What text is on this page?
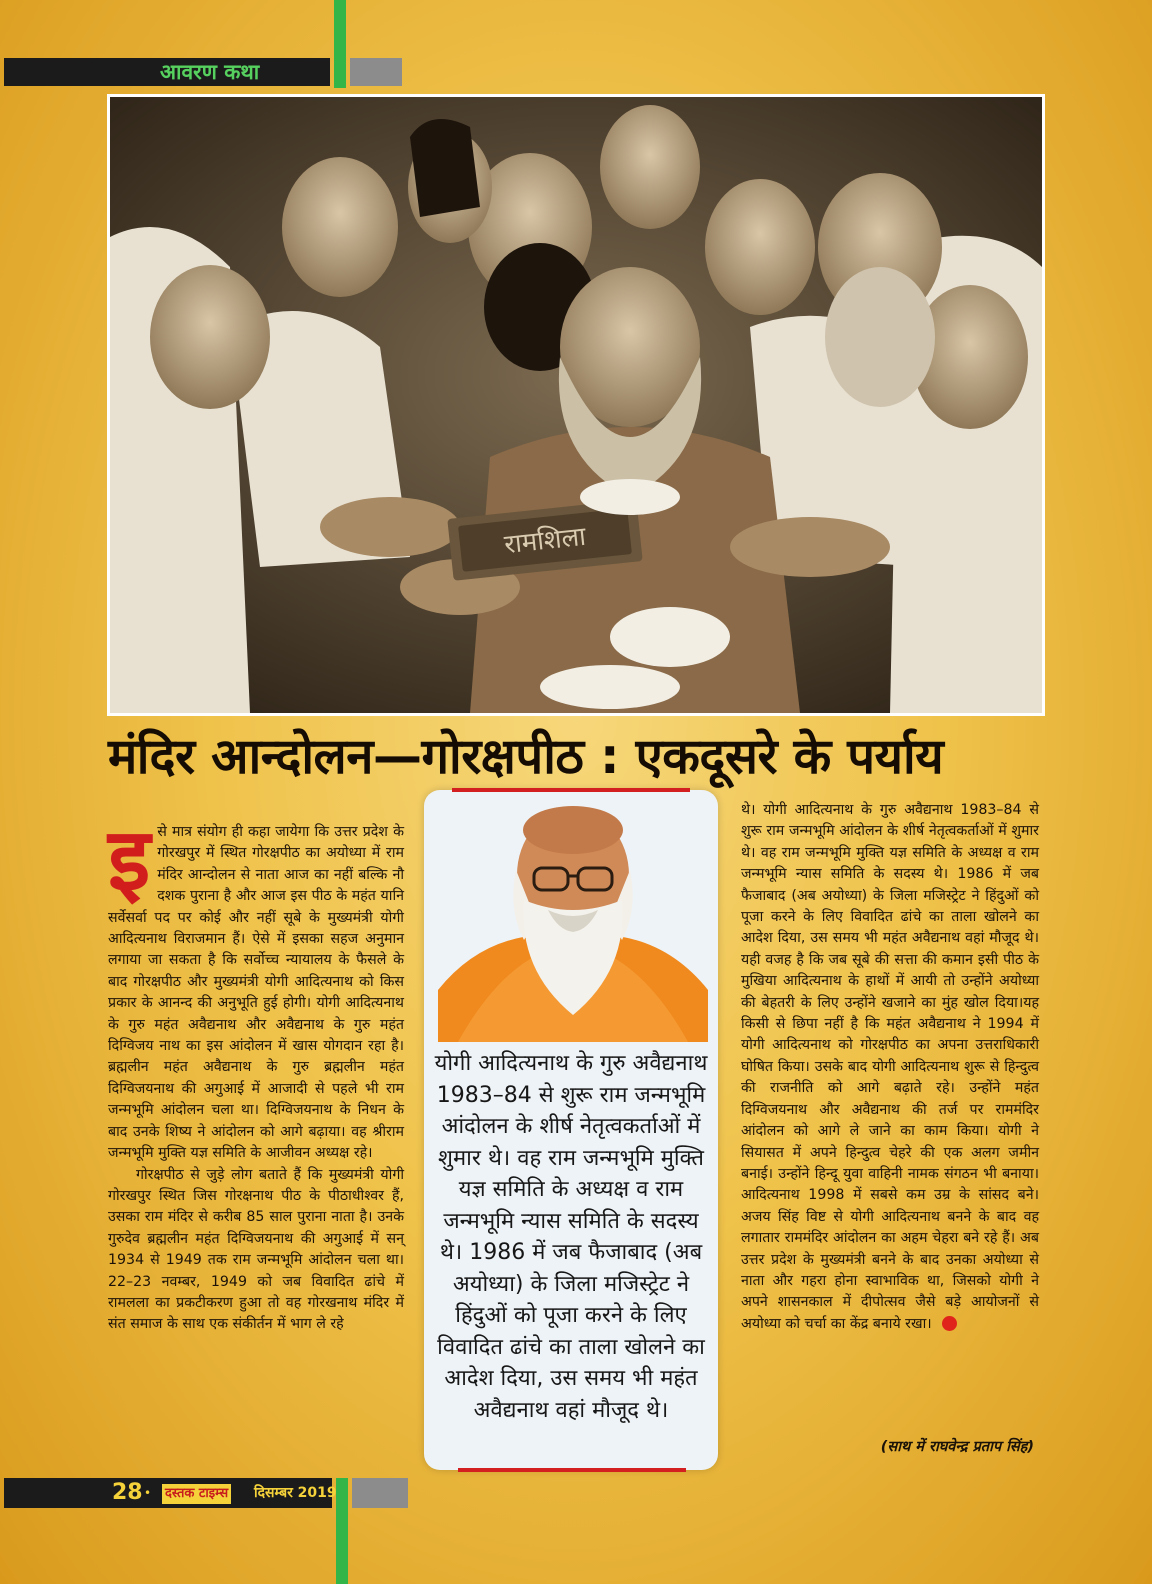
आवरण कथा
रामशिला
मंदिर आन्दोलन—गोरक्षपीठ : एकदूसरे के पर्याय

इसे मात्र संयोग ही कहा जायेगा कि उत्तर प्रदेश के गोरखपुर में स्थित गोरक्षपीठ का अयोध्या में राम मंदिर आन्दोलन से नाता आज का नहीं बल्कि नौ दशक पुराना है और आज इस पीठ के महंत यानि सर्वेसर्वा पद पर कोई और नहीं सूबे के मुख्यमंत्री योगी आदित्यनाथ विराजमान हैं। ऐसे में इसका सहज अनुमान लगाया जा सकता है कि सर्वोच्च न्यायालय के फैसले के बाद गोरक्षपीठ और मुख्यमंत्री योगी आदित्यनाथ को किस प्रकार के आनन्द की अनुभूति हुई होगी। योगी आदित्यनाथ के गुरु महंत अवैद्यनाथ और अवैद्यनाथ के गुरु महंत दिग्विजय नाथ का इस आंदोलन में खास योगदान रहा है। ब्रह्मलीन महंत अवैद्यनाथ के गुरु ब्रह्मलीन महंत दिग्विजयनाथ की अगुआई में आजादी से पहले भी राम जन्मभूमि आंदोलन चला था। दिग्विजयनाथ के निधन के बाद उनके शिष्य ने आंदोलन को आगे बढ़ाया। वह श्रीराम जन्मभूमि मुक्ति यज्ञ समिति के आजीवन अध्यक्ष रहे।

गोरक्षपीठ से जुड़े लोग बताते हैं कि मुख्यमंत्री योगी गोरखपुर स्थित जिस गोरक्षनाथ पीठ के पीठाधीश्वर हैं, उसका राम मंदिर से करीब 85 साल पुराना नाता है। उनके गुरुदेव ब्रह्मलीन महंत दिग्विजयनाथ की अगुआई में सन् 1934 से 1949 तक राम जन्मभूमि आंदोलन चला था। 22–23 नवम्बर, 1949 को जब विवादित ढांचे में रामलला का प्रकटीकरण हुआ तो वह गोरखनाथ मंदिर में संत समाज के साथ एक संकीर्तन में भाग ले रहे

योगी आदित्यनाथ के गुरु अवैद्यनाथ 1983–84 से शुरू राम जन्मभूमि आंदोलन के शीर्ष नेतृत्वकर्ताओं में शुमार थे। वह राम जन्मभूमि मुक्ति यज्ञ समिति के अध्यक्ष व राम जन्मभूमि न्यास समिति के सदस्य थे। 1986 में जब फैजाबाद (अब अयोध्या) के जिला मजिस्ट्रेट ने हिंदुओं को पूजा करने के लिए विवादित ढांचे का ताला खोलने का आदेश दिया, उस समय भी महंत अवैद्यनाथ वहां मौजूद थे।

थे। योगी आदित्यनाथ के गुरु अवैद्यनाथ 1983–84 से शुरू राम जन्मभूमि आंदोलन के शीर्ष नेतृत्वकर्ताओं में शुमार थे। वह राम जन्मभूमि मुक्ति यज्ञ समिति के अध्यक्ष व राम जन्मभूमि न्यास समिति के सदस्य थे। 1986 में जब फैजाबाद (अब अयोध्या) के जिला मजिस्ट्रेट ने हिंदुओं को पूजा करने के लिए विवादित ढांचे का ताला खोलने का आदेश दिया, उस समय भी महंत अवैद्यनाथ वहां मौजूद थे। यही वजह है कि जब सूबे की सत्ता की कमान इसी पीठ के मुखिया आदित्यनाथ के हाथों में आयी तो उन्होंने अयोध्या की बेहतरी के लिए उन्होंने खजाने का मुंह खोल दिया।यह किसी से छिपा नहीं है कि महंत अवैद्यनाथ ने 1994 में योगी आदित्यनाथ को गोरक्षपीठ का अपना उत्तराधिकारी घोषित किया। उसके बाद योगी आदित्यनाथ शुरू से हिन्दुत्व की राजनीति को आगे बढ़ाते रहे। उन्होंने महंत दिग्विजयनाथ और अवैद्यनाथ की तर्ज पर राममंदिर आंदोलन को आगे ले जाने का काम किया। योगी ने सियासत में अपने हिन्दुत्व चेहरे की एक अलग जमीन बनाई। उन्होंने हिन्दू युवा वाहिनी नामक संगठन भी बनाया। आदित्यनाथ 1998 में सबसे कम उम्र के सांसद बने। अजय सिंह विष्ट से योगी आदित्यनाथ बनने के बाद वह लगातार राममंदिर आंदोलन का अहम चेहरा बने रहे हैं। अब उत्तर प्रदेश के मुख्यमंत्री बनने के बाद उनका अयोध्या से नाता और गहरा होना स्वाभाविक था, जिसको योगी ने अपने शासनकाल में दीपोत्सव जैसे बड़े आयोजनों से अयोध्या को चर्चा का केंद्र बनाये रखा।

(साथ में राघवेन्द्र प्रताप सिंह)
28 • दस्तक टाइम्स दिसम्बर 2019
